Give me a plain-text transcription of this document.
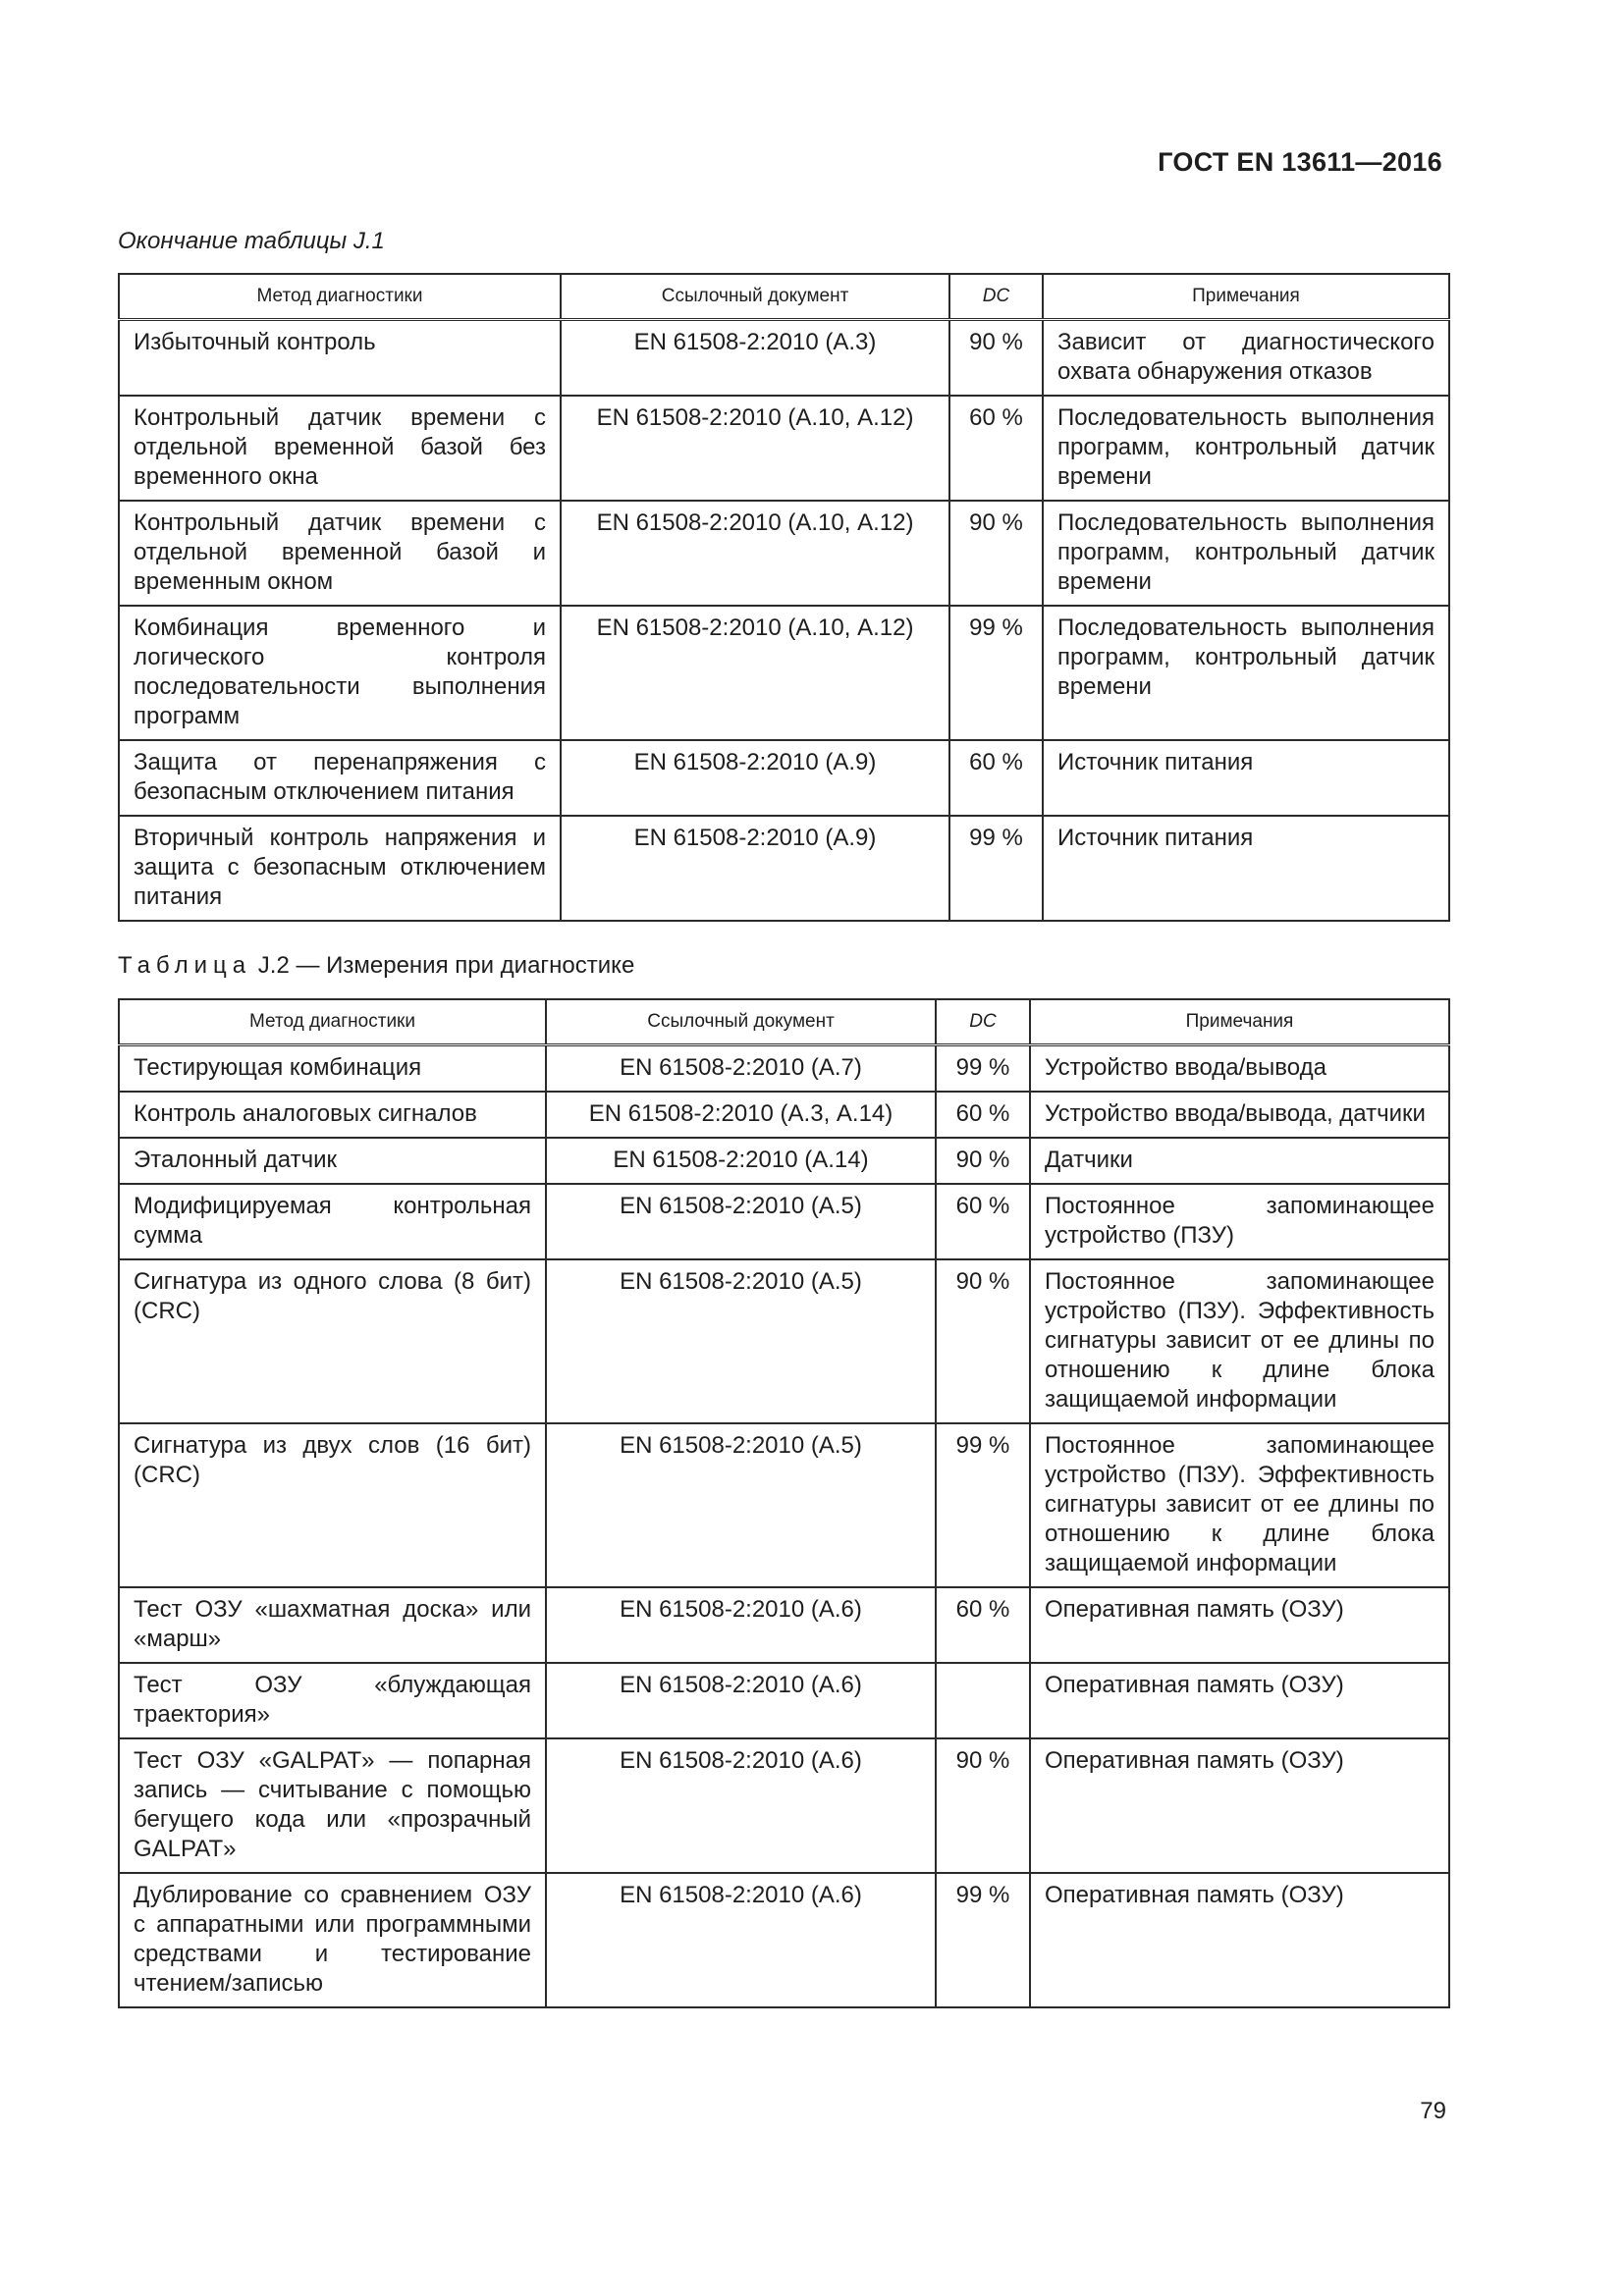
ГОСТ EN 13611—2016
Окончание таблицы J.1
Метод диагностики	Ссылочный документ	DC	Примечания
Избыточный контроль	EN 61508-2:2010 (А.3)	90 %	Зависит от диагностического охвата обнаружения отказов
Контрольный датчик времени с отдельной временной базой без временного окна	EN 61508-2:2010 (А.10, А.12)	60 %	Последовательность выполнения программ, контрольный датчик времени
Контрольный датчик времени с отдельной временной базой и временным окном	EN 61508-2:2010 (А.10, А.12)	90 %	Последовательность выполнения программ, контрольный датчик времени
Комбинация временного и логического контроля последовательности выполнения программ	EN 61508-2:2010 (А.10, А.12)	99 %	Последовательность выполнения программ, контрольный датчик времени
Защита от перенапряжения с безопасным отключением питания	EN 61508-2:2010 (А.9)	60 %	Источник питания
Вторичный контроль напряжения и защита с безопасным отключением питания	EN 61508-2:2010 (А.9)	99 %	Источник питания
Таблица J.2 — Измерения при диагностике
Метод диагностики	Ссылочный документ	DC	Примечания
Тестирующая комбинация	EN 61508-2:2010 (А.7)	99 %	Устройство ввода/вывода
Контроль аналоговых сигналов	EN 61508-2:2010 (А.3, А.14)	60 %	Устройство ввода/вывода, датчики
Эталонный датчик	EN 61508-2:2010 (А.14)	90 %	Датчики
Модифицируемая контрольная сумма	EN 61508-2:2010 (А.5)	60 %	Постоянное запоминающее устройство (ПЗУ)
Сигнатура из одного слова (8 бит) (CRC)	EN 61508-2:2010 (А.5)	90 %	Постоянное запоминающее устройство (ПЗУ). Эффективность сигнатуры зависит от ее длины по отношению к длине блока защищаемой информации
Сигнатура из двух слов (16 бит) (CRC)	EN 61508-2:2010 (А.5)	99 %	Постоянное запоминающее устройство (ПЗУ). Эффективность сигнатуры зависит от ее длины по отношению к длине блока защищаемой информации
Тест ОЗУ «шахматная доска» или «марш»	EN 61508-2:2010 (А.6)	60 %	Оперативная память (ОЗУ)
Тест ОЗУ «блуждающая траектория»	EN 61508-2:2010 (А.6)		Оперативная память (ОЗУ)
Тест ОЗУ «GALPAT» — попарная запись — считывание с помощью бегущего кода или «прозрачный GALPAT»	EN 61508-2:2010 (А.6)	90 %	Оперативная память (ОЗУ)
Дублирование со сравнением ОЗУ с аппаратными или программными средствами и тестирование чтением/записью	EN 61508-2:2010 (А.6)	99 %	Оперативная память (ОЗУ)
79
